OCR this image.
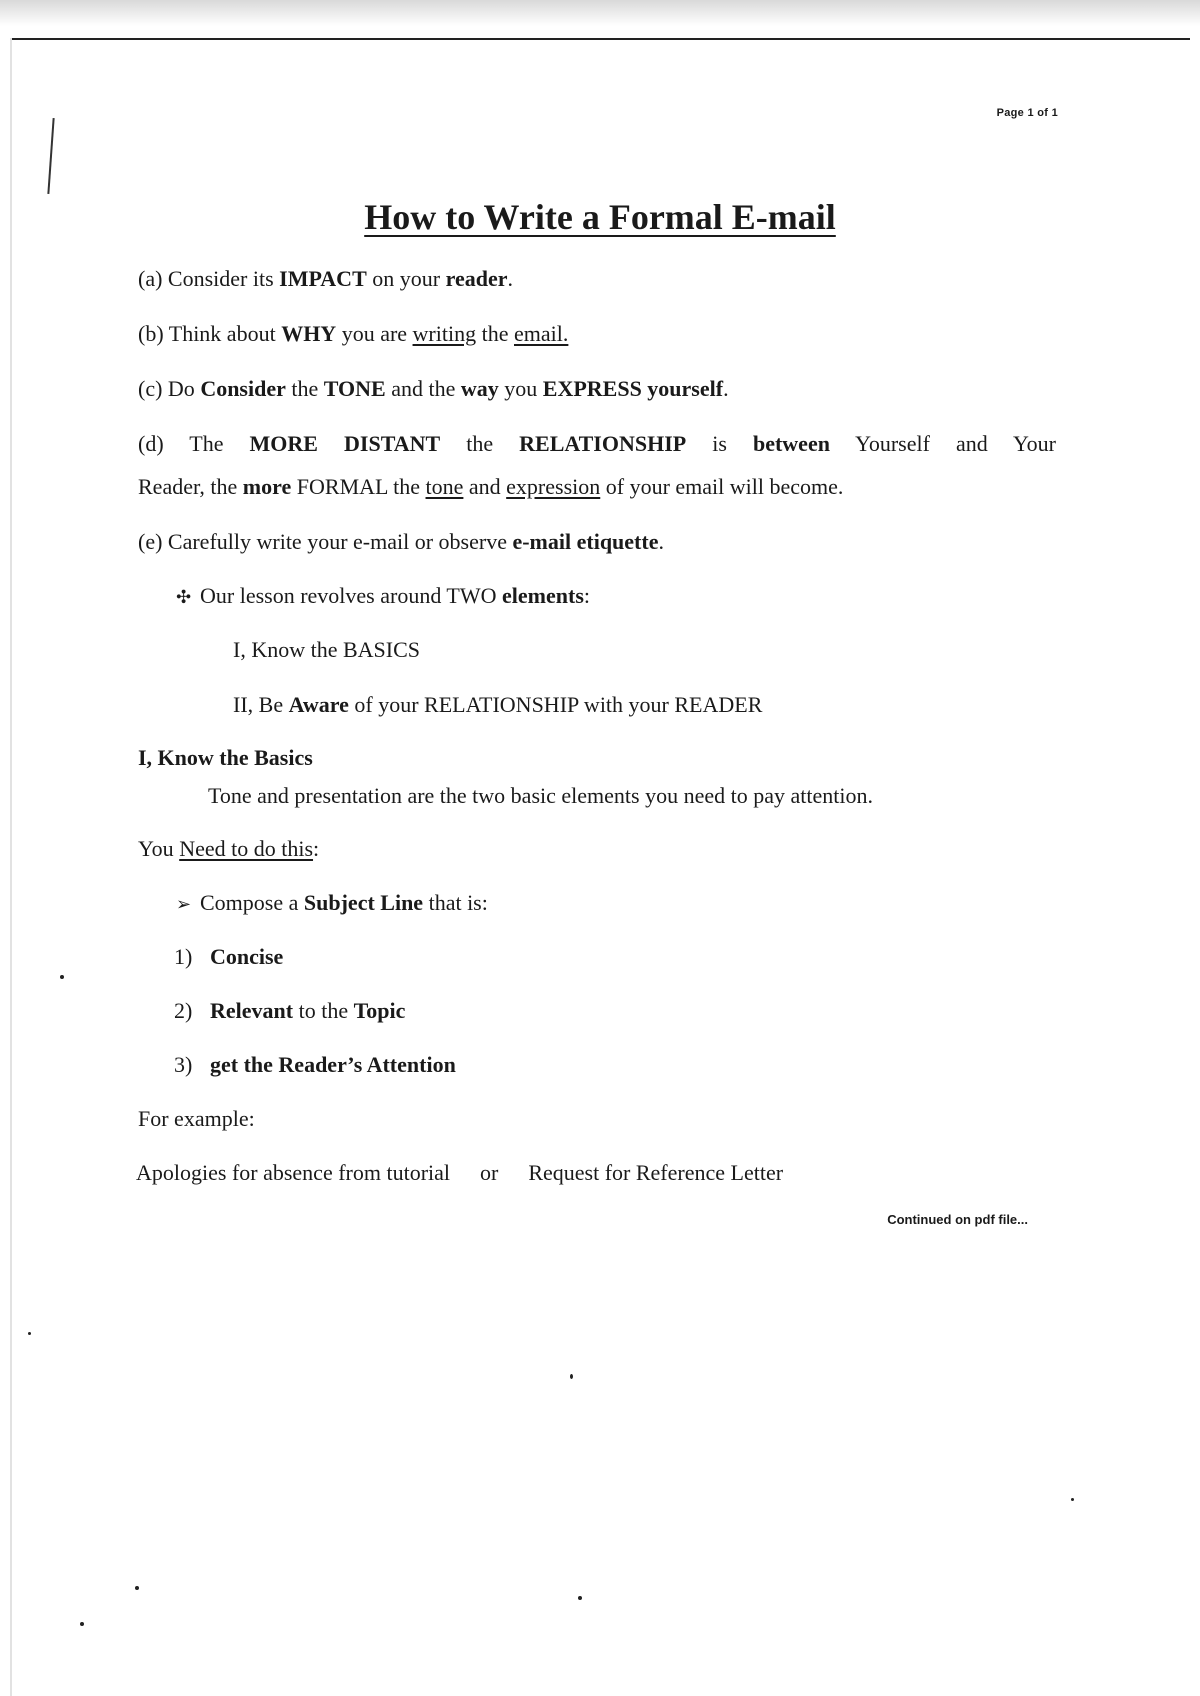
Page 1 of 1
How to Write a Formal E-mail
(a) Consider its IMPACT on your reader.
(b) Think about WHY you are writing the email.
(c) Do Consider the TONE and the way you EXPRESS yourself.
(d) The MORE DISTANT the RELATIONSHIP is between Yourself and Your
Reader, the more FORMAL the tone and expression of your email will become.
(e) Carefully write your e-mail or observe e-mail etiquette.
✣ Our lesson revolves around TWO elements:
I, Know the BASICS
II, Be Aware of your RELATIONSHIP with your READER
I, Know the Basics
Tone and presentation are the two basic elements you need to pay attention.
You Need to do this:
➢ Compose a Subject Line that is:
1) Concise
2) Relevant to the Topic
3) get the Reader’s Attention
For example:
Apologies for absence from tutorial or Request for Reference Letter
Continued on pdf file...
